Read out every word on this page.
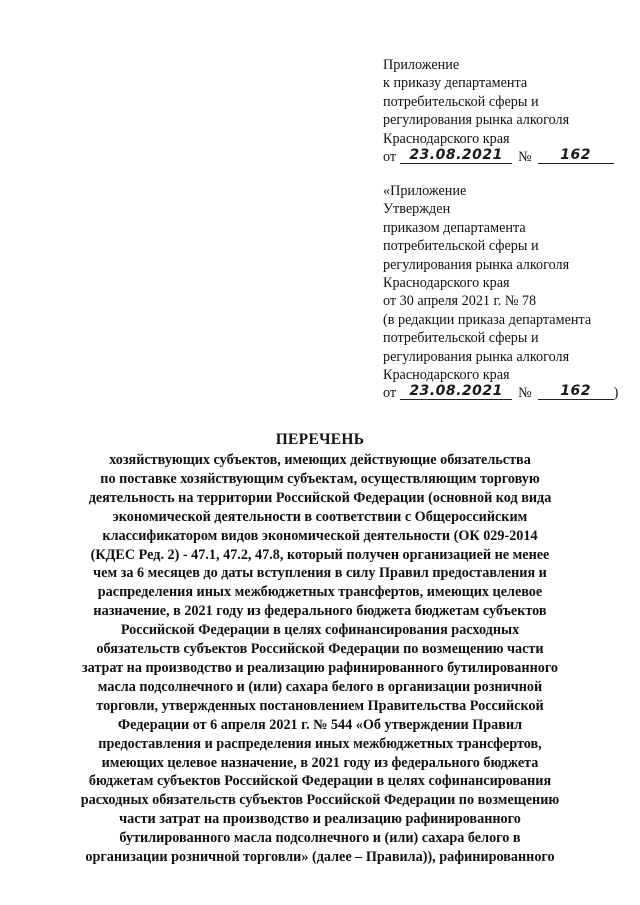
Приложение
к приказу департамента
потребительской сферы и
регулирования рынка алкоголя
Краснодарского края
от 23.08.2021 № 162
«Приложение
Утвержден
приказом департамента
потребительской сферы и
регулирования рынка алкоголя
Краснодарского края
от 30 апреля 2021 г. № 78
(в редакции приказа департамента
потребительской сферы и
регулирования рынка алкоголя
Краснодарского края
от 23.08.2021 № 162 )
ПЕРЕЧЕНЬ
хозяйствующих субъектов, имеющих действующие обязательства
по поставке хозяйствующим субъектам, осуществляющим торговую
деятельность на территории Российской Федерации (основной код вида
экономической деятельности в соответствии с Общероссийским
классификатором видов экономической деятельности (ОК 029-2014
(КДЕС Ред. 2) - 47.1, 47.2, 47.8, который получен организацией не менее
чем за 6 месяцев до даты вступления в силу Правил предоставления и
распределения иных межбюджетных трансфертов, имеющих целевое
назначение, в 2021 году из федерального бюджета бюджетам субъектов
Российской Федерации в целях софинансирования расходных
обязательств субъектов Российской Федерации по возмещению части
затрат на производство и реализацию рафинированного бутилированного
масла подсолнечного и (или) сахара белого в организации розничной
торговли, утвержденных постановлением Правительства Российской
Федерации от 6 апреля 2021 г. № 544 «Об утверждении Правил
предоставления и распределения иных межбюджетных трансфертов,
имеющих целевое назначение, в 2021 году из федерального бюджета
бюджетам субъектов Российской Федерации в целях софинансирования
расходных обязательств субъектов Российской Федерации по возмещению
части затрат на производство и реализацию рафинированного
бутилированного масла подсолнечного и (или) сахара белого в
организации розничной торговли» (далее – Правила)), рафинированного
